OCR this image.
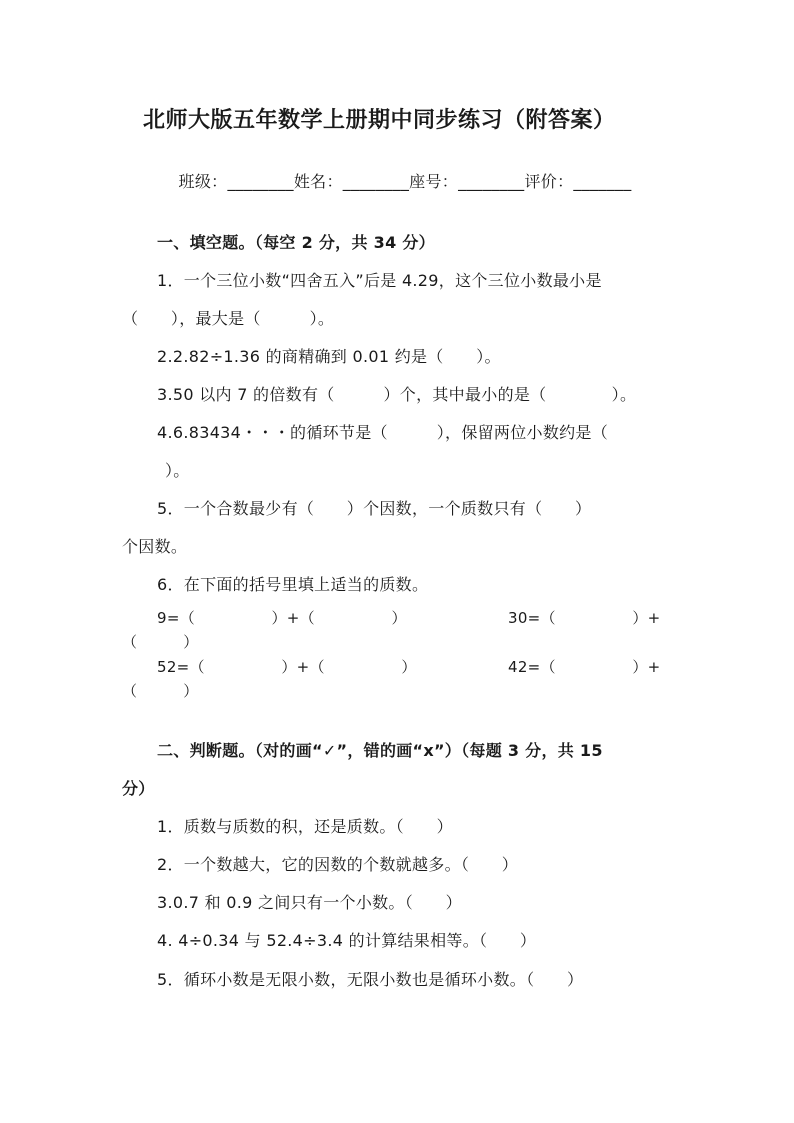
北师大版五年数学上册期中同步练习（附答案）

班级：________姓名：________座号：________评价：_______

一、填空题。（每空 2 分，共 34 分）
1．一个三位小数“四舍五入”后是 4.29，这个三位小数最小是
（　　），最大是（　　　）。
2.2.82÷1.36 的商精确到 0.01 约是（　　）。
3.50 以内 7 的倍数有（　　　）个，其中最小的是（　　　　）。
4.6.83434・・・的循环节是（　　　），保留两位小数约是（
）。
5．一个合数最少有（　　）个因数，一个质数只有（　　）
个因数。
6．在下面的括号里填上适当的质数。
9=（　　　　　）+（　　　　　）	30=（　　　　　）+
（　　　）
52=（　　　　　）+（　　　　　）	42=（　　　　　）+
（　　　）
二、判断题。（对的画“✓”，错的画“x”）（每题 3 分，共 15
分）
1．质数与质数的积，还是质数。（　　）
2．一个数越大，它的因数的个数就越多。（　　）
3.0.7 和 0.9 之间只有一个小数。（　　）
4. 4÷0.34 与 52.4÷3.4 的计算结果相等。（　　）
5．循环小数是无限小数，无限小数也是循环小数。（　　）
